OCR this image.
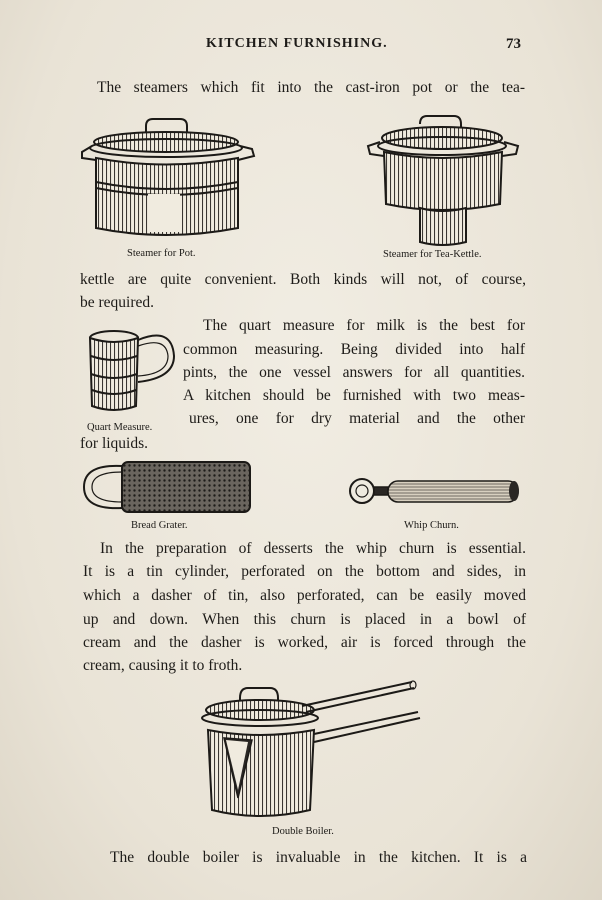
KITCHEN FURNISHING.	73
The steamers which fit into the cast-iron pot or the tea-
Steamer for Pot.	Steamer for Tea-Kettle.
kettle are quite convenient. Both kinds will not, of course,
be required.
Quart Measure.
The quart measure for milk is the best for
common measuring. Being divided into half
pints, the one vessel answers for all quantities.
A kitchen should be furnished with two meas-
ures, one for dry material and the other
for liquids.
Bread Grater.	Whip Churn.
In the preparation of desserts the whip churn is essential.
It is a tin cylinder, perforated on the bottom and sides, in
which a dasher of tin, also perforated, can be easily moved
up and down. When this churn is placed in a bowl of
cream and the dasher is worked, air is forced through the
cream, causing it to froth.
Double Boiler.
The double boiler is invaluable in the kitchen. It is a
